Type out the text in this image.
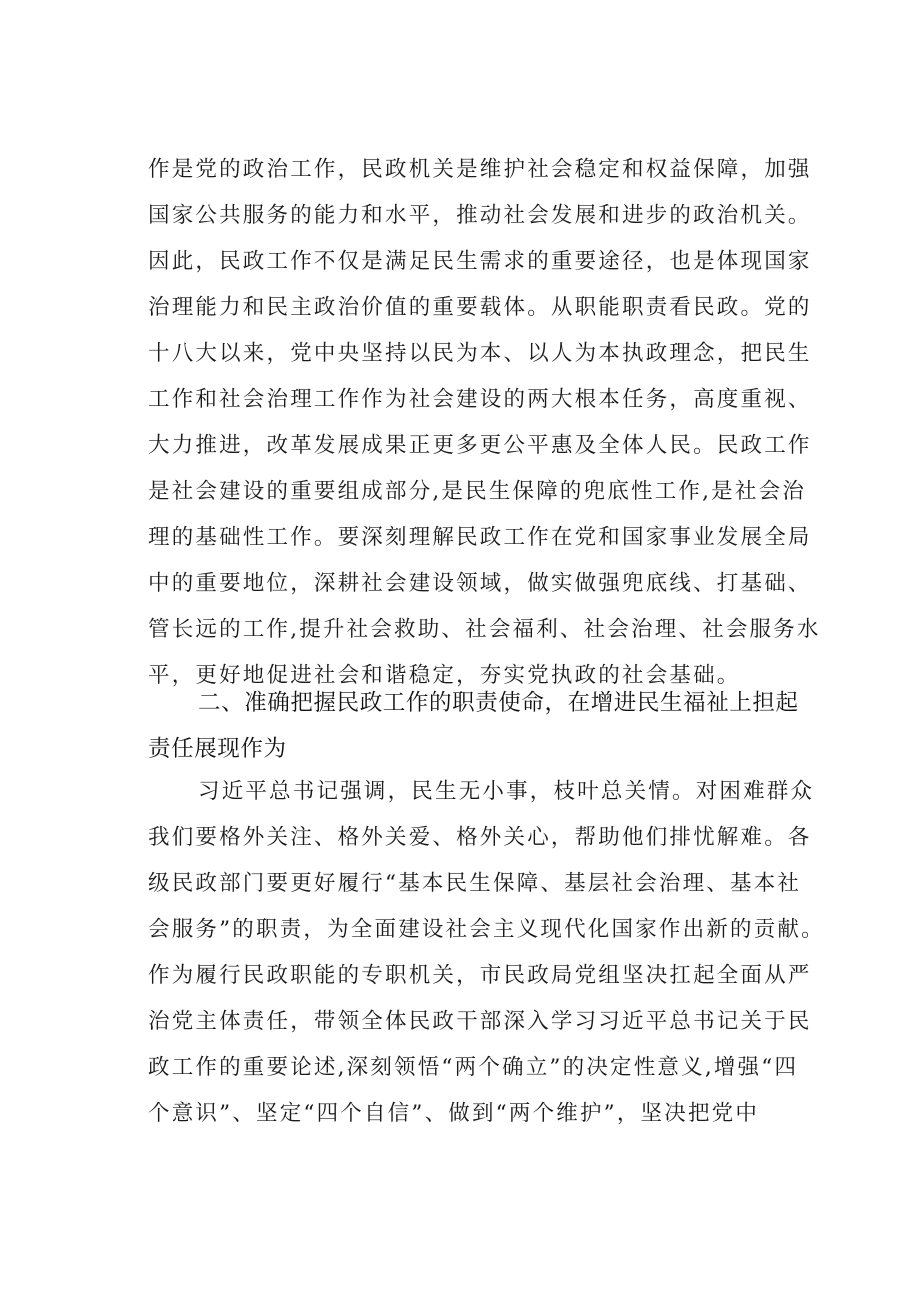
作是党的政治工作，民政机关是维护社会稳定和权益保障，加强
国家公共服务的能力和水平，推动社会发展和进步的政治机关。
因此，民政工作不仅是满足民生需求的重要途径，也是体现国家
治理能力和民主政治价值的重要载体。从职能职责看民政。党的
十八大以来，党中央坚持以民为本、以人为本执政理念，把民生
工作和社会治理工作作为社会建设的两大根本任务，高度重视、
大力推进，改革发展成果正更多更公平惠及全体人民。民政工作
是社会建设的重要组成部分,是民生保障的兜底性工作,是社会治
理的基础性工作。要深刻理解民政工作在党和国家事业发展全局
中的重要地位，深耕社会建设领域，做实做强兜底线、打基础、
管长远的工作,提升社会救助、社会福利、社会治理、社会服务水
平，更好地促进社会和谐稳定，夯实党执政的社会基础。
二、准确把握民政工作的职责使命，在增进民生福祉上担起
责任展现作为
习近平总书记强调，民生无小事，枝叶总关情。对困难群众
我们要格外关注、格外关爱、格外关心，帮助他们排忧解难。各
级民政部门要更好履行“基本民生保障、基层社会治理、基本社
会服务”的职责，为全面建设社会主义现代化国家作出新的贡献。
作为履行民政职能的专职机关，市民政局党组坚决扛起全面从严
治党主体责任，带领全体民政干部深入学习习近平总书记关于民
政工作的重要论述,深刻领悟“两个确立”的决定性意义,增强“四
个意识”、坚定“四个自信”、做到“两个维护”，坚决把党中
